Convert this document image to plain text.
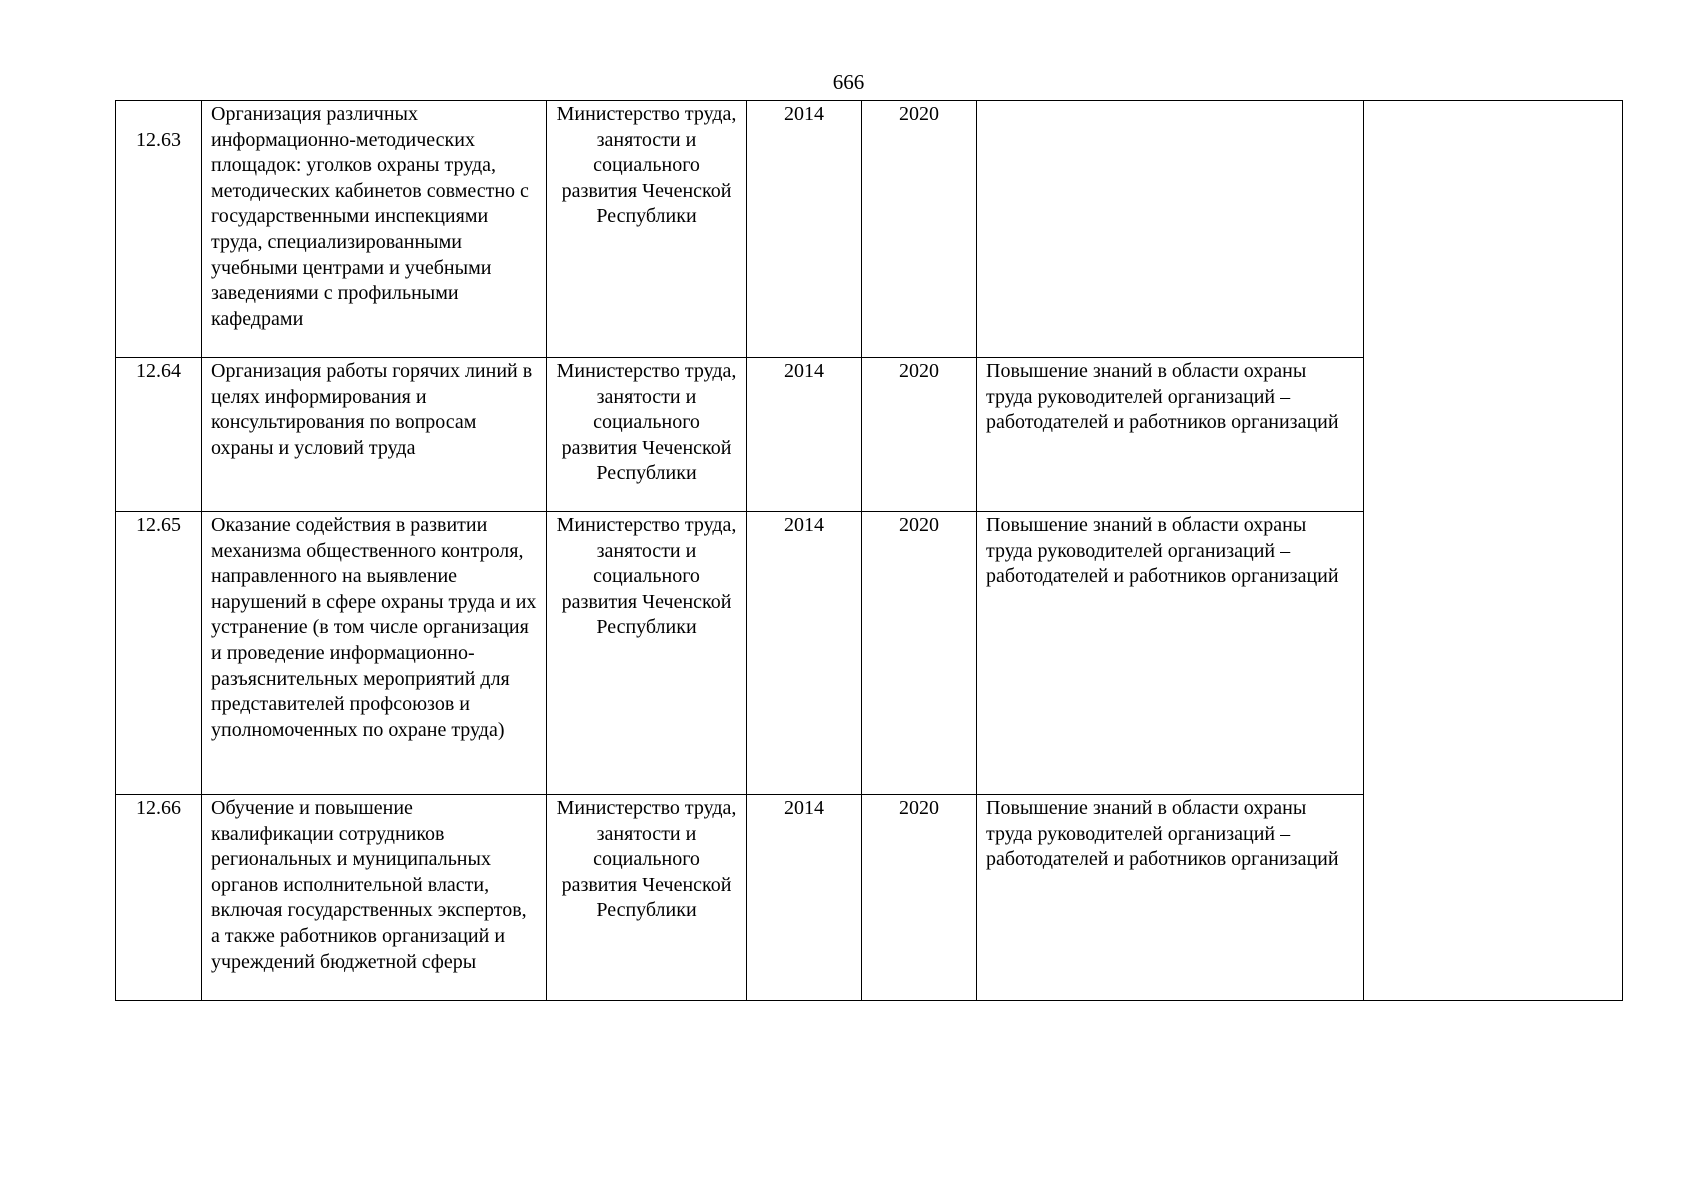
666
12.63	Организация различных информационно-методических площадок: уголков охраны труда, методических кабинетов совместно с государственными инспекциями труда, специализированными учебными центрами и учебными заведениями с профильными кафедрами	Министерство труда, занятости и социального развития Чеченской Республики	2014	2020		
12.64	Организация работы горячих линий в целях информирования и консультирования по вопросам охраны и условий труда	Министерство труда, занятости и социального развития Чеченской Республики	2014	2020	Повышение знаний в области охраны труда руководителей организаций – работодателей и работников организаций	
12.65	Оказание содействия в развитии механизма общественного контроля, направленного на выявление нарушений в сфере охраны труда и их устранение (в том числе организация и проведение информационно-разъяснительных мероприятий для представителей профсоюзов и уполномоченных по охране труда)	Министерство труда, занятости и социального развития Чеченской Республики	2014	2020	Повышение знаний в области охраны труда руководителей организаций – работодателей и работников организаций	
12.66	Обучение и повышение квалификации сотрудников региональных и муниципальных органов исполнительной власти, включая государственных экспертов, а также работников организаций и учреждений бюджетной сферы	Министерство труда, занятости и социального развития Чеченской Республики	2014	2020	Повышение знаний в области охраны труда руководителей организаций – работодателей и работников организаций	
